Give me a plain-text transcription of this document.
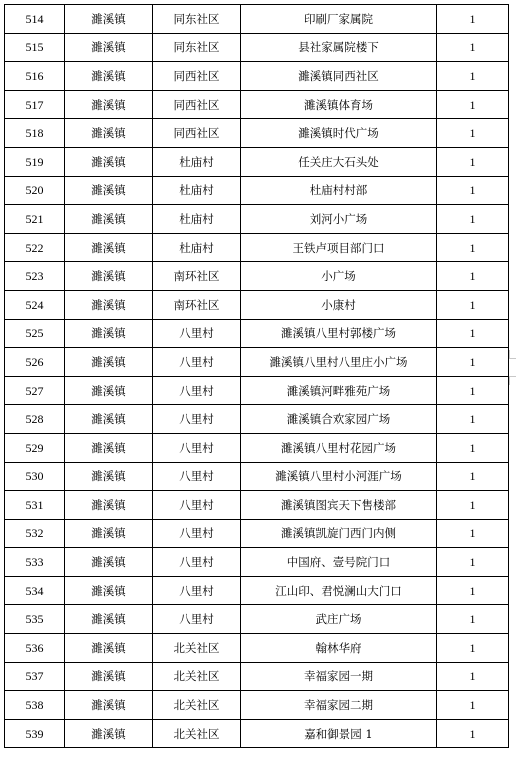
514	濉溪镇	同东社区	印刷厂家属院	1
515	濉溪镇	同东社区	县社家属院楼下	1
516	濉溪镇	同西社区	濉溪镇同西社区	1
517	濉溪镇	同西社区	濉溪镇体育场	1
518	濉溪镇	同西社区	濉溪镇时代广场	1
519	濉溪镇	杜庙村	任关庄大石头处	1
520	濉溪镇	杜庙村	杜庙村村部	1
521	濉溪镇	杜庙村	刘河小广场	1
522	濉溪镇	杜庙村	王铁卢项目部门口	1
523	濉溪镇	南环社区	小广场	1
524	濉溪镇	南环社区	小康村	1
525	濉溪镇	八里村	濉溪镇八里村郭楼广场	1
526	濉溪镇	八里村	濉溪镇八里村八里庄小广场	1
527	濉溪镇	八里村	濉溪镇河畔雅苑广场	1
528	濉溪镇	八里村	濉溪镇合欢家园广场	1
529	濉溪镇	八里村	濉溪镇八里村花园广场	1
530	濉溪镇	八里村	濉溪镇八里村小河涯广场	1
531	濉溪镇	八里村	濉溪镇图宾天下售楼部	1
532	濉溪镇	八里村	濉溪镇凯旋门西门内侧	1
533	濉溪镇	八里村	中国府、壹号院门口	1
534	濉溪镇	八里村	江山印、君悦澜山大门口	1
535	濉溪镇	八里村	武庄广场	1
536	濉溪镇	北关社区	翰林华府	1
537	濉溪镇	北关社区	幸福家园一期	1
538	濉溪镇	北关社区	幸福家园二期	1
539	濉溪镇	北关社区	嘉和御景园 1	1
